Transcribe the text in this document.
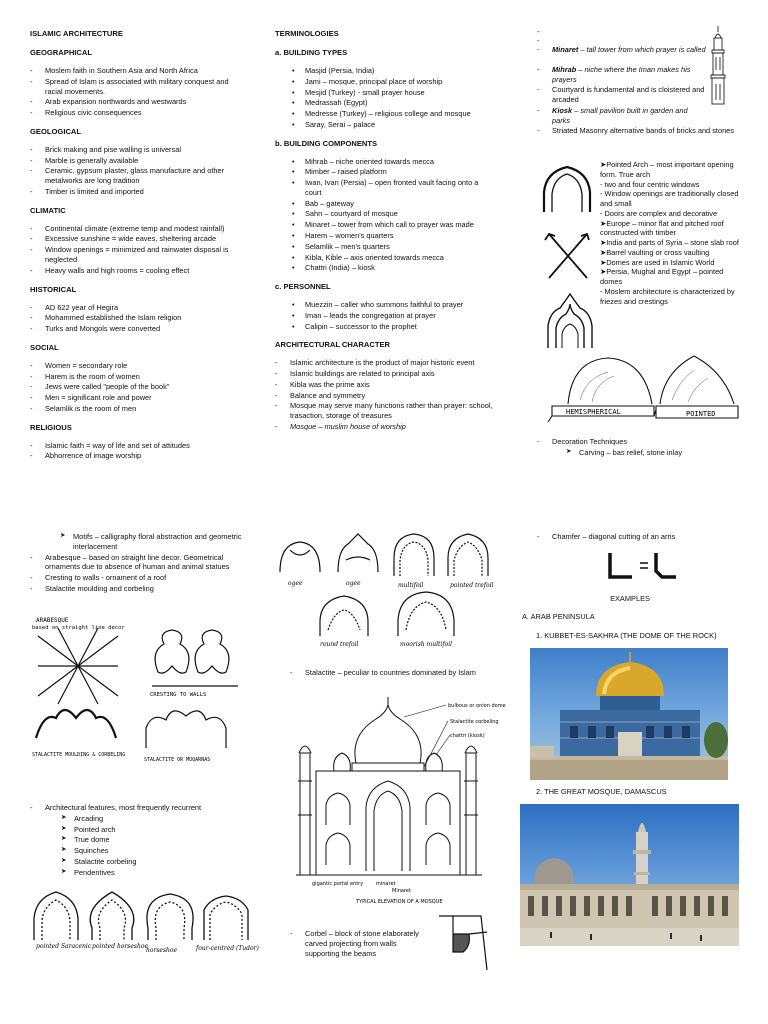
ISLAMIC ARCHITECTURE
GEOGRAPHICAL
- Moslem faith in Southern Asia and North Africa
- Spread of Islam is associated with military conquest and racial movements.
- Arab expansion northwards and westwards
- Religious civic consequences
GEOLOGICAL
- Brick making and pise walling is universal
- Marble is generally available
- Ceramic, gypsum plaster, glass manufacture and other metalworks are long tradition
- Timber is limited and imported
CLIMATIC
- Continental climate (extreme temp and modest rainfall)
- Excessive sunshine = wide eaves, sheltering arcade
- Window openings = minimized and rainwater disposal is neglected
- Heavy walls and high rooms = cooling effect
HISTORICAL
- AD 622 year of Hegira
- Mohammed established the Islam religion
- Turks and Mongols were converted
SOCIAL
- Women = secondary role
- Harem is the room of women
- Jews were called "people of the book"
- Men = significant role and power
- Selamlik is the room of men
RELIGIOUS
- Islamic faith = way of life and set of attitudes
- Abhorrence of image worship
TERMINOLOGIES
a. BUILDING TYPES
• Masjid (Persia, India)
• Jami – mosque, principal place of worship
• Mesjid (Turkey) - small prayer house
• Medrassah (Egypt)
• Medresse (Turkey) – religious college and mosque
• Saray, Serai – palace
b. BUILDING COMPONENTS
• Mihrab – niche oriented towards mecca
• Mimber – raised platform
• Iwan, Ivan (Persia) – open fronted vault facing onto a court
• Bab – gateway
• Sahn – courtyard of mosque
• Minaret – tower from which call to prayer was made
• Harem – women's quarters
• Selamlik – men's quarters
• Kibla, Kible – axis oriented towards mecca
• Chattri (India) – kiosk
c. PERSONNEL
• Muezzin – caller who summons faithful to prayer
• Iman – leads the congregation at prayer
• Calipin – successor to the prophet
ARCHITECTURAL CHARACTER
- Islamic architecture is the product of major historic event
- Islamic buildings are related to principal axis
- Kibla was the prime axis
- Balance and symmetry
- Mosque may serve many functions rather than prayer: school, trasaction, storage of treasures
- Mosque – muslim house of worship
-
-
- Minaret – tall tower from which prayer is called
- Mihrab – niche where the Iman makes his prayers
- Courtyard is fundamental and is cloistered and arcaded
- Kiosk – small pavilion built in garden and parks
- Striated Masonry alternative bands of bricks and stones
➤Pointed Arch – most important opening form. True arch
- two and four centric windows
- Window openings are traditionally closed and small
- Doors are complex and decorative
➤Europe – minor flat and pitched roof constructed with timber
➤India and parts of Syria – stone slab roof
➤Barrel vaulting or cross vaulting
➤Domes are used in Islamic World
➤Persia, Mughal and Egypt – pointed domes
- Moslem architecture is characterized by friezes and crestings
HEMISPHERICAL	POINTED
- Decoration Techniques
➤ Carving – bas relief, stone inlay
➤ Motifs – calligraphy floral abstraction and geometric interlacement
- Arabesque – based on straight line decor. Geometrical ornaments due to absence of human and animal statues
- Cresting to walls - ornament of a roof
- Stalactite moulding and corbeling
ARABESQUE
based on straight line decor
CRESTING TO WALLS
STALACTITE MOULDING & CORBELING
STALACTITE OR MUQARNAS
- Architectural features, most frequently recurrent
➤ Arcading
➤ Pointed arch
➤ True dome
➤ Squinches
➤ Stalactite corbeling
➤ Pendentives
pointed Saracenic pointed horseshoe
horseshoe	four-centred (Tudor)
ogee	ogee	multifoil	pointed trefoil
round trefoil	moorish multifoil
- Stalactite – peculiar to countries dominated by Islam
bulbous or onion dome
Stalactite corbeling
chattri (kiosk)
gigantic portal entry	minaret
Minaret
TYPICAL ELEVATION OF A MOSQUE
- Corbel – block of stone elaborately carved projecting from walls supporting the beams
- Chamfer – diagonal cutting of an arris
EXAMPLES
A. ARAB PENINSULA
1. KUBBET-ES-SAKHRA (THE DOME OF THE ROCK)
2. THE GREAT MOSQUE, DAMASCUS
